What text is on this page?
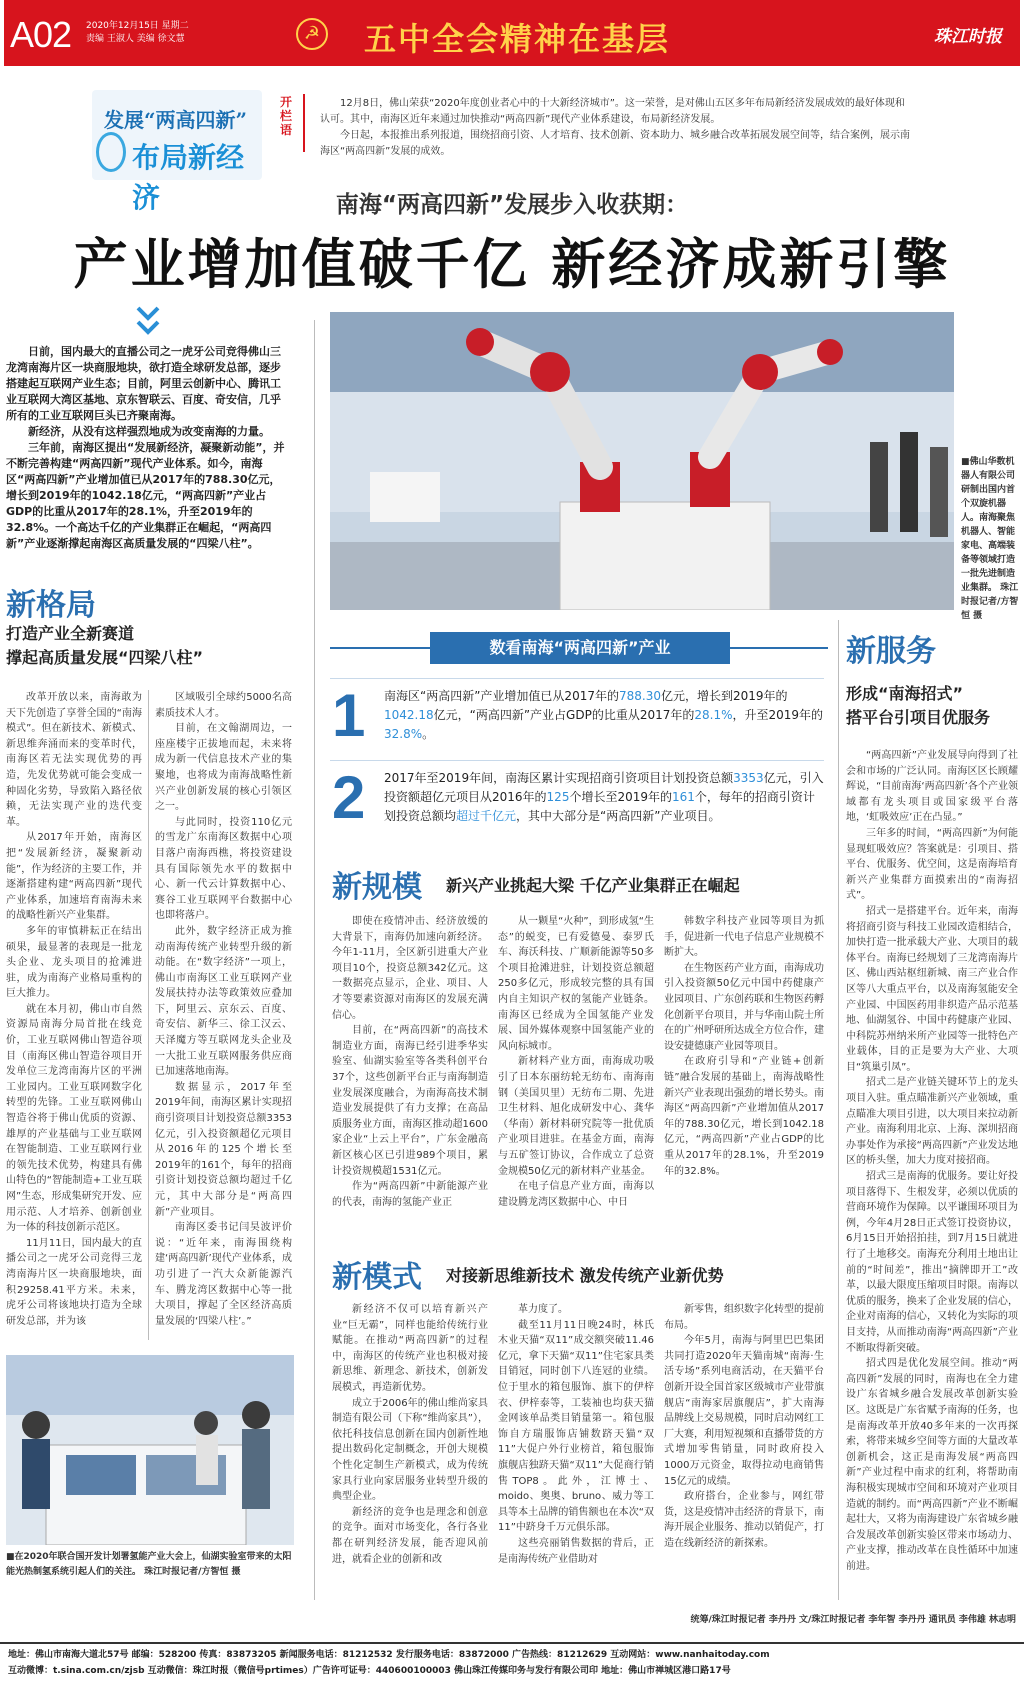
A02 2020年12月15日 星期二
责编 王淑人 美编 徐文慧	☭ 五中全会精神在基层	珠江时报
发展“两高四新”
布局新经济
开栏语

12月8日，佛山荣获“2020年度创业者心中的十大新经济城市”。这一荣誉，是对佛山五区多年布局新经济发展成效的最好体现和认可。其中，南海区近年来通过加快推动“两高四新”现代产业体系建设，布局新经济发展。

今日起，本报推出系列报道，围绕招商引资、人才培育、技术创新、资本助力、城乡融合改革拓展发展空间等，结合案例，展示南海区“两高四新”发展的成效。

南海“两高四新”发展步入收获期：
产业增加值破千亿 新经济成新引擎

日前，国内最大的直播公司之一虎牙公司竞得佛山三龙湾南海片区一块商服地块，欲打造全球研发总部，逐步搭建起互联网产业生态；目前，阿里云创新中心、腾讯工业互联网大湾区基地、京东智联云、百度、奇安信，几乎所有的工业互联网巨头已齐聚南海。

新经济，从没有这样强烈地成为改变南海的力量。

三年前，南海区提出“发展新经济，凝聚新动能”，并不断完善构建“两高四新”现代产业体系。如今，南海区“两高四新”产业增加值已从2017年的788.30亿元，增长到2019年的1042.18亿元，“两高四新”产业占GDP的比重从2017年的28.1%，升至2019年的32.8%。一个高达千亿的产业集群正在崛起，“两高四新”产业逐渐撑起南海区高质量发展的“四梁八柱”。

■佛山华数机器人有限公司研制出国内首个双旋机器人。南海聚焦机器人、智能家电、高端装备等领域打造一批先进制造业集群。 珠江时报记者/方智恒 摄
新格局
打造产业全新赛道
撑起高质量发展“四梁八柱”

改革开放以来，南海敢为天下先创造了享誉全国的“南海模式”。但在新技术、新模式、新思维奔涌而来的变革时代，南海区若无法实现优势的再造，先发优势就可能会变成一种固化劣势，导致陷入路径依赖，无法实现产业的迭代变革。

从2017年开始，南海区把“发展新经济，凝聚新动能”，作为经济的主要工作，并逐渐搭建构建“两高四新”现代产业体系，加速培育南海未来的战略性新兴产业集群。

多年的审慎耕耘正在结出硕果，最显著的表现是一批龙头企业、龙头项目的抢滩进驻，成为南海产业格局重构的巨大推力。

就在本月初，佛山市自然资源局南海分局首批在线竞价，工业互联网佛山智造谷项目（南海区佛山智造谷项目开发单位三龙湾南海片区的平洲工业园内。工业互联网数字化转型的先锋。工业互联网佛山智造谷将于佛山优质的资源、雄厚的产业基础与工业互联网在智能制造、工业互联网行业的领先技术优势，构建具有佛山特色的“智能制造+工业互联网”生态，形成集研究开发、应用示范、人才培养、创新创业为一体的科技创新示范区。

11月11日，国内最大的直播公司之一虎牙公司竞得三龙湾南海片区一块商服地块，面积29258.41平方米。未来，虎牙公司将该地块打造为全球研发总部，并为该

区域吸引全球约5000名高素质技术人才。

目前，在文翰湖周边，一座座楼宇正拔地而起，未来将成为新一代信息技术产业的集聚地，也将成为南海战略性新兴产业创新发展的核心引领区之一。

与此同时，投资110亿元的雪龙广东南海区数据中心项目落户南海西樵，将投资建设具有国际领先水平的数据中心、新一代云计算数据中心、赛谷工业互联网平台数据中心也即将落户。

此外，数字经济正成为推动南海传统产业转型升级的新动能。在“数字经济”一项上，佛山市南海区工业互联网产业发展扶持办法等政策效应叠加下，阿里云、京东云、百度、奇安信、新华三、徐工汉云、天泽魔方等互联网龙头企业及一大批工业互联网服务供应商已加速落地南海。

数据显示，2017年至2019年间，南海区累计实现招商引资项目计划投资总额3353亿元，引入投资额超亿元项目从2016年的125个增长至2019年的161个，每年的招商引资计划投资总额均超过千亿元，其中大部分是“两高四新”产业项目。

南海区委书记闫昊波评价说：“近年来，南海围绕构建‘两高四新’现代产业体系，成功引进了一汽大众新能源汽车、腾龙湾区数据中心等一批大项目，撑起了全区经济高质量发展的‘四梁八柱’。”

数看南海“两高四新”产业
1 南海区“两高四新”产业增加值已从2017年的788.30亿元，增长到2019年的1042.18亿元，“两高四新”产业占GDP的比重从2017年的28.1%，升至2019年的32.8%。
2 2017年至2019年间，南海区累计实现招商引资项目计划投资总额3353亿元，引入投资额超亿元项目从2016年的125个增长至2019年的161个，每年的招商引资计划投资总额均超过千亿元，其中大部分是“两高四新”产业项目。
新规模 新兴产业挑起大梁 千亿产业集群正在崛起

即使在疫情冲击、经济放缓的大背景下，南海仍加速向新经济。今年1-11月，全区新引进重大产业项目10个，投资总额342亿元。这一数据亮点显示，企业、项目、人才等要素资源对南海区的发展充满信心。

目前，在“两高四新”的高技术制造业方面，南海已经引进季华实验室、仙湖实验室等各类科创平台37个，这些创新平台正与南海制造业发展深度融合，为南海高技术制造业发展提供了有力支撑；在高品质服务业方面，南海区推动超1600家企业“上云上平台”，广东金融高新区核心区已引进989个项目，累计投资规模超1531亿元。

作为“两高四新”中新能源产业的代表，南海的氢能产业正

从一颗星“火种”，到形成氢“生态”的蜕变，已有爱德曼、泰罗氏车、海沃科技、广顺新能源等50多个项目抢滩进驻，计划投资总额超250多亿元，形成较完整的具有国内自主知识产权的氢能产业链条。南海区已经成为全国氢能产业发展、国外媒体观察中国氢能产业的风向标城市。

新材料产业方面，南海成功吸引了日本东丽纺轮无纺布、南海南钢（美国贝里）无纺布二期、先进卫生材料、旭化成研发中心、龚华（华南）新材料研究院等一批优质产业项目进驻。在基金方面，南海与五矿签订协议，合作成立了总资金规模50亿元的新材料产业基金。

在电子信息产业方面，南海以建设腾龙湾区数据中心、中日

韩数字科技产业园等项目为抓手，促进新一代电子信息产业规模不断扩大。

在生物医药产业方面，南海成功引入投资额50亿元中国中药健康产业园项目、广东创药联和生物医药孵化创新平台项目，并与华南山院士所在的广州呼研所达成全方位合作，建设安捷德康产业园等项目。

在政府引导和“产业链+创新链”融合发展的基础上，南海战略性新兴产业表现出强劲的增长势头。南海区“两高四新”产业增加值从2017年的788.30亿元，增长到1042.18亿元，“两高四新”产业占GDP的比重从2017年的28.1%，升至2019年的32.8%。

新模式 对接新思维新技术 激发传统产业新优势

新经济不仅可以培育新兴产业“巨无霸”，同样也能给传统行业赋能。在推动“两高四新”的过程中，南海区的传统产业也积极对接新思维、新理念、新技术，创新发展模式，再造新优势。

成立于2006年的佛山维尚家具制造有限公司（下称“维尚家具”），依托科技信息创新在国内创新性地提出数码化定制概念，开创大规模个性化定制生产新模式，成为传统家具行业向家居服务业转型升级的典型企业。

新经济的竞争也是理念和创意的竞争。面对市场变化，各行各业都在研判经济发展，能否迎风前进，就看企业的创新和改

革力度了。

截至11月11日晚24时，林氏木业天猫“双11”成交额突破11.46亿元，拿下天猫“双11”住宅家具类目销冠，同时创下八连冠的业绩。位于里水的箱包服饰、旗下的伊梓衣、伊梓泰等，工装袖也均获天猫金网该单品类目销量第一。箱包服饰自方瑞服饰店铺数跻天猫“双11”大促户外行业榜首，箱包服饰旗舰店独跻天猫“双11”大促商行销售TOP8。此外，江博士、moido、奥奥、bruno、威力等工具等本土品牌的销售额也在本次“双11”中跻身千万元俱乐部。

这些亮丽销售数据的背后，正是南海传统产业借助对

新零售，组织数字化转型的提前布局。

今年5月，南海与阿里巴巴集团共同打造2020年天猫南城“南海·生活专场”系列电商活动，在天猫平台创新开设全国首家区级城市产业带旗舰店“南海家居旗舰店”，扩大南海品牌线上交易规模，同时启动网红工厂大赛，利用短视频和直播带货的方式增加零售销量，同时政府投入1000万元资金，取得拉动电商销售15亿元的成绩。

政府搭台，企业参与，网红带货，这是疫情冲击经济的背景下，南海开展企业服务、推动以销促产，打造在线新经济的新探索。

■在2020年联合国开发计划署氢能产业大会上，仙湖实验室带来的太阳能光热制氢系统引起人们的关注。 珠江时报记者/方智恒 摄
新服务
形成“南海招式”
搭平台引项目优服务

“两高四新”产业发展导向得到了社会和市场的广泛认同。南海区区长顾耀辉说，“目前南海‘两高四新’各个产业领域都有龙头项目或国家级平台落地，‘虹吸效应’正在凸显。”

三年多的时间，“两高四新”为何能显现虹吸效应？答案就是：引项目、搭平台、优服务、优空间，这是南海培育新兴产业集群方面摸索出的“南海招式”。

招式一是搭建平台。近年来，南海将招商引资与科技工业园改造相结合，加快打造一批承载大产业、大项目的载体平台。南海已经规划了三龙湾南海片区、佛山西站枢纽新城、南三产业合作区等八大重点平台，以及南海氢能安全产业园、中国医药用非织造产品示范基地、仙湖氢谷、中国中药健康产业园、中科院苏州纳米所产业园等一批特色产业载体，目的正是要为大产业、大项目“筑巢引凤”。

招式二是产业链关键环节上的龙头项目入驻。重点瞄准新兴产业领域，重点瞄准大项目引进，以大项目来拉动新产业。南海利用北京、上海、深圳招商办事处作为承接“两高四新”产业发达地区的桥头堡，加大力度对接招商。

招式三是南海的优服务。要让好投项目落得下、生根发芽，必须以优质的营商环境作为保障。以平谦围环项目为例，今年4月28日正式签订投资协议，6月15日开始招拍挂，到7月15日就进行了土地移交。南海充分利用土地出让前的“时间差”，推出“摘牌即开工”改革，以最大限度压缩项目时限。南海以优质的服务，换来了企业发展的信心，企业对南海的信心，又转化为实际的项目支持，从而推动南海“两高四新”产业不断取得新突破。

招式四是优化发展空间。推动“两高四新”发展的同时，南海也在全力建设广东省城乡融合发展改革创新实验区。这既是广东省赋予南海的任务，也是南海改革开放40多年来的一次再探索，将带来城乡空间等方面的大量改革创新机会，这正是南海发展“两高四新”产业过程中南求的红利，将帮助南海积极实现城市空间和环境对产业项目造就的制约。而“两高四新”产业不断崛起壮大，又将为南海建设广东省城乡融合发展改革创新实验区带来市场动力、产业支撑，推动改革在良性循环中加速前进。

统筹/珠江时报记者 李丹丹 文/珠江时报记者 李年智 李丹丹 通讯员 李伟雄 林志明
地址：佛山市南海大道北57号 邮编：528200 传真：83873205 新闻服务电话：81212532 发行服务电话：83872000 广告热线：81212629 互动网站：www.nanhaitoday.com
互动微博：t.sina.com.cn/zjsb 互动微信：珠江时报（微信号prtimes）广告许可证号：440600100003 佛山珠江传媒印务与发行有限公司印 地址：佛山市禅城区港口路17号
